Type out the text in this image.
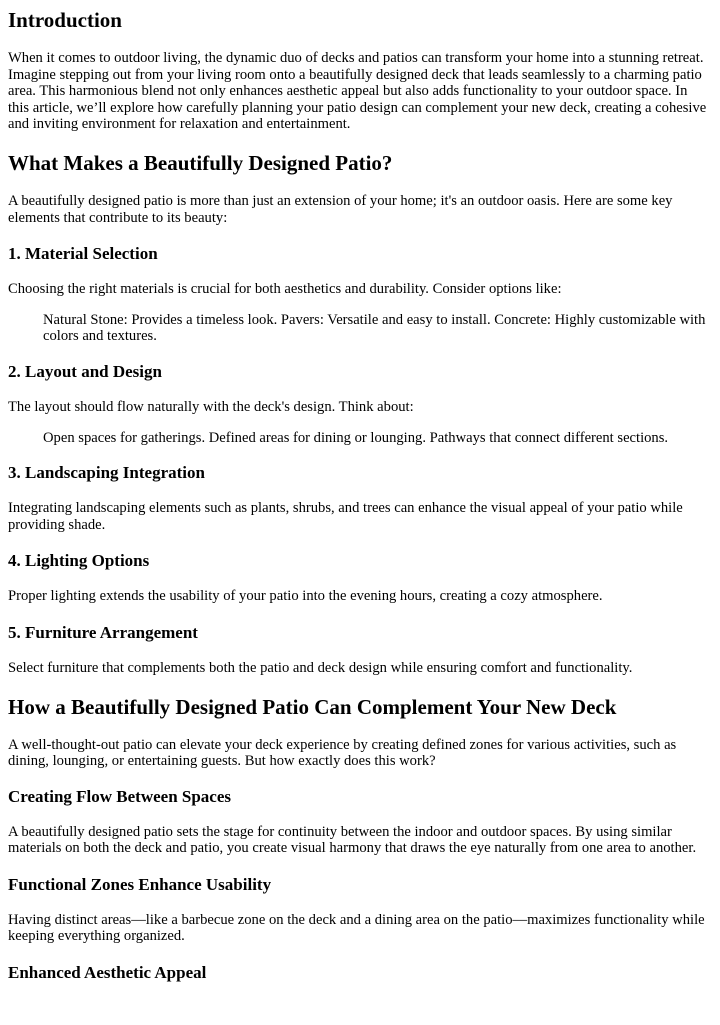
Introduction

When it comes to outdoor living, the dynamic duo of decks and patios can transform your home into a stunning retreat. Imagine stepping out from your living room onto a beautifully designed deck that leads seamlessly to a charming patio area. This harmonious blend not only enhances aesthetic appeal but also adds functionality to your outdoor space. In this article, we’ll explore how carefully planning your patio design can complement your new deck, creating a cohesive and inviting environment for relaxation and entertainment.

What Makes a Beautifully Designed Patio?

A beautifully designed patio is more than just an extension of your home; it's an outdoor oasis. Here are some key elements that contribute to its beauty:

1. Material Selection

Choosing the right materials is crucial for both aesthetics and durability. Consider options like:

Natural Stone: Provides a timeless look. Pavers: Versatile and easy to install. Concrete: Highly customizable with colors and textures.

2. Layout and Design

The layout should flow naturally with the deck's design. Think about:

Open spaces for gatherings. Defined areas for dining or lounging. Pathways that connect different sections.

3. Landscaping Integration

Integrating landscaping elements such as plants, shrubs, and trees can enhance the visual appeal of your patio while providing shade.

4. Lighting Options

Proper lighting extends the usability of your patio into the evening hours, creating a cozy atmosphere.

5. Furniture Arrangement

Select furniture that complements both the patio and deck design while ensuring comfort and functionality.

How a Beautifully Designed Patio Can Complement Your New Deck

A well-thought-out patio can elevate your deck experience by creating defined zones for various activities, such as dining, lounging, or entertaining guests. But how exactly does this work?

Creating Flow Between Spaces

A beautifully designed patio sets the stage for continuity between the indoor and outdoor spaces. By using similar materials on both the deck and patio, you create visual harmony that draws the eye naturally from one area to another.

Functional Zones Enhance Usability

Having distinct areas—like a barbecue zone on the deck and a dining area on the patio—maximizes functionality while keeping everything organized.

Enhanced Aesthetic Appeal
